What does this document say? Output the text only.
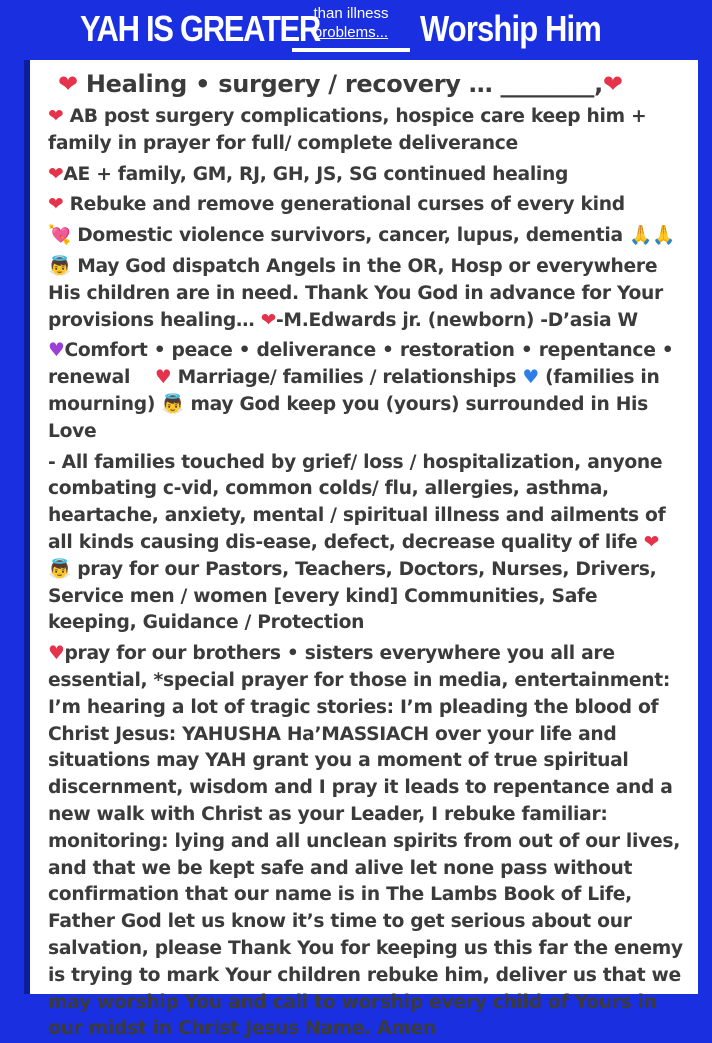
YAH IS GREATER
than illness
problems... Worship Him
❤ Healing • surgery / recovery … ________,❤
❤ AB post surgery complications, hospice care keep him + family in prayer for full/ complete deliverance
❤AE + family, GM, RJ, GH, JS, SG continued healing
❤ Rebuke and remove generational curses of every kind
💘 Domestic violence survivors, cancer, lupus, dementia 🙏🙏
👼 May God dispatch Angels in the OR, Hosp or everywhere His children are in need. Thank You God in advance for Your provisions healing… ❤-M.Edwards jr. (newborn) -D’asia W
♥Comfort • peace • deliverance • restoration • repentance • renewal ♥ Marriage/ families / relationships ♥ (families in mourning) 👼 may God keep you (yours) surrounded in His Love
- All families touched by grief/ loss / hospitalization, anyone combating c-vid, common colds/ flu, allergies, asthma, heartache, anxiety, mental / spiritual illness and ailments of all kinds causing dis-ease, defect, decrease quality of life ❤ 👼 pray for our Pastors, Teachers, Doctors, Nurses, Drivers, Service men / women [every kind] Communities, Safe keeping, Guidance / Protection
♥pray for our brothers • sisters everywhere you all are essential, *special prayer for those in media, entertainment: I’m hearing a lot of tragic stories: I’m pleading the blood of Christ Jesus: YAHUSHA Ha’MASSIACH over your life and situations may YAH grant you a moment of true spiritual discernment, wisdom and I pray it leads to repentance and a new walk with Christ as your Leader, I rebuke familiar: monitoring: lying and all unclean spirits from out of our lives, and that we be kept safe and alive let none pass without confirmation that our name is in The Lambs Book of Life, Father God let us know it’s time to get serious about our salvation, please Thank You for keeping us this far the enemy is trying to mark Your children rebuke him, deliver us that we may worship You and call to worship every child of Yours in our midst in Christ Jesus Name. Amen
